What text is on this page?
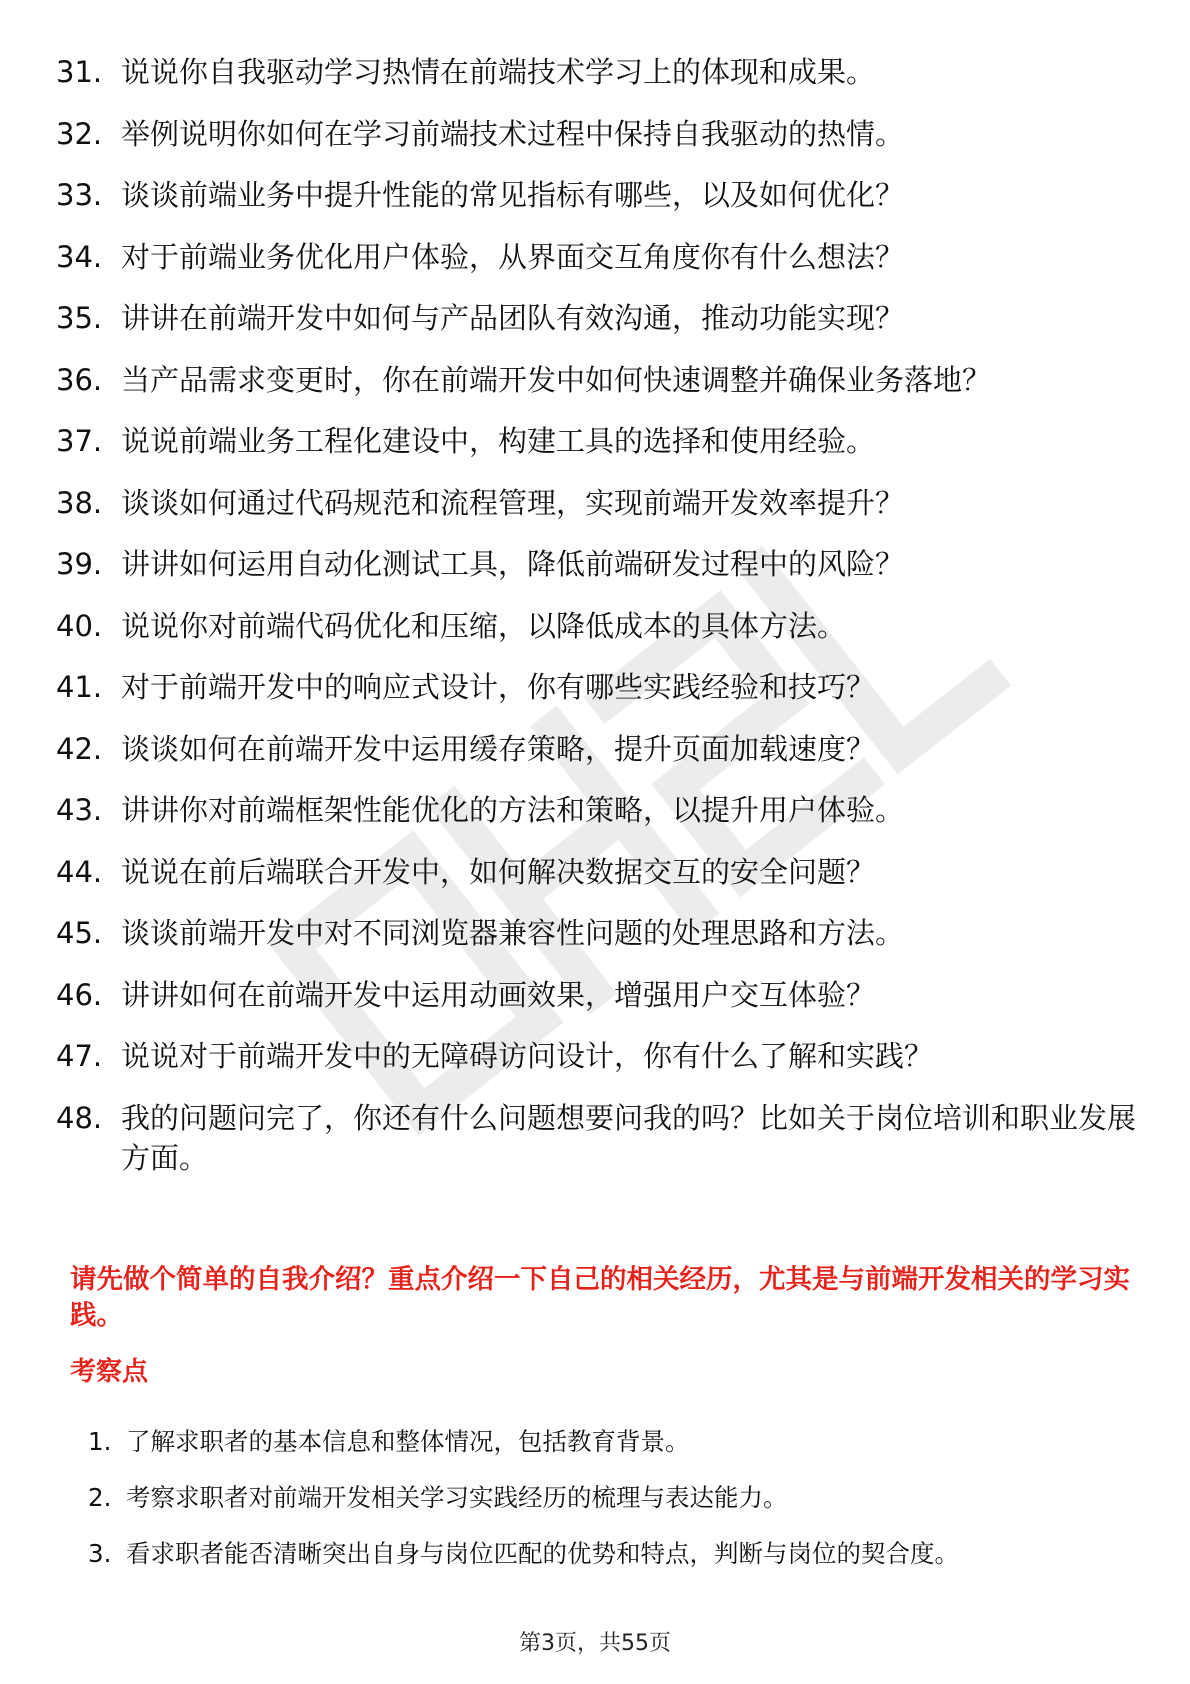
31. 说说你自我驱动学习热情在前端技术学习上的体现和成果。
32. 举例说明你如何在学习前端技术过程中保持自我驱动的热情。
33. 谈谈前端业务中提升性能的常见指标有哪些，以及如何优化？
34. 对于前端业务优化用户体验，从界面交互角度你有什么想法？
35. 讲讲在前端开发中如何与产品团队有效沟通，推动功能实现？
36. 当产品需求变更时，你在前端开发中如何快速调整并确保业务落地？
37. 说说前端业务工程化建设中，构建工具的选择和使用经验。
38. 谈谈如何通过代码规范和流程管理，实现前端开发效率提升？
39. 讲讲如何运用自动化测试工具，降低前端研发过程中的风险？
40. 说说你对前端代码优化和压缩，以降低成本的具体方法。
41. 对于前端开发中的响应式设计，你有哪些实践经验和技巧？
42. 谈谈如何在前端开发中运用缓存策略，提升页面加载速度？
43. 讲讲你对前端框架性能优化的方法和策略，以提升用户体验。
44. 说说在前后端联合开发中，如何解决数据交互的安全问题？
45. 谈谈前端开发中对不同浏览器兼容性问题的处理思路和方法。
46. 讲讲如何在前端开发中运用动画效果，增强用户交互体验？
47. 说说对于前端开发中的无障碍访问设计，你有什么了解和实践？
48. 我的问题问完了，你还有什么问题想要问我的吗？比如关于岗位培训和职业发展方面。

请先做个简单的自我介绍？重点介绍一下自己的相关经历，尤其是与前端开发相关的学习实践。

考察点
1. 了解求职者的基本信息和整体情况，包括教育背景。
2. 考察求职者对前端开发相关学习实践经历的梳理与表达能力。
3. 看求职者能否清晰突出自身与岗位匹配的优势和特点，判断与岗位的契合度。
第3页，共55页
